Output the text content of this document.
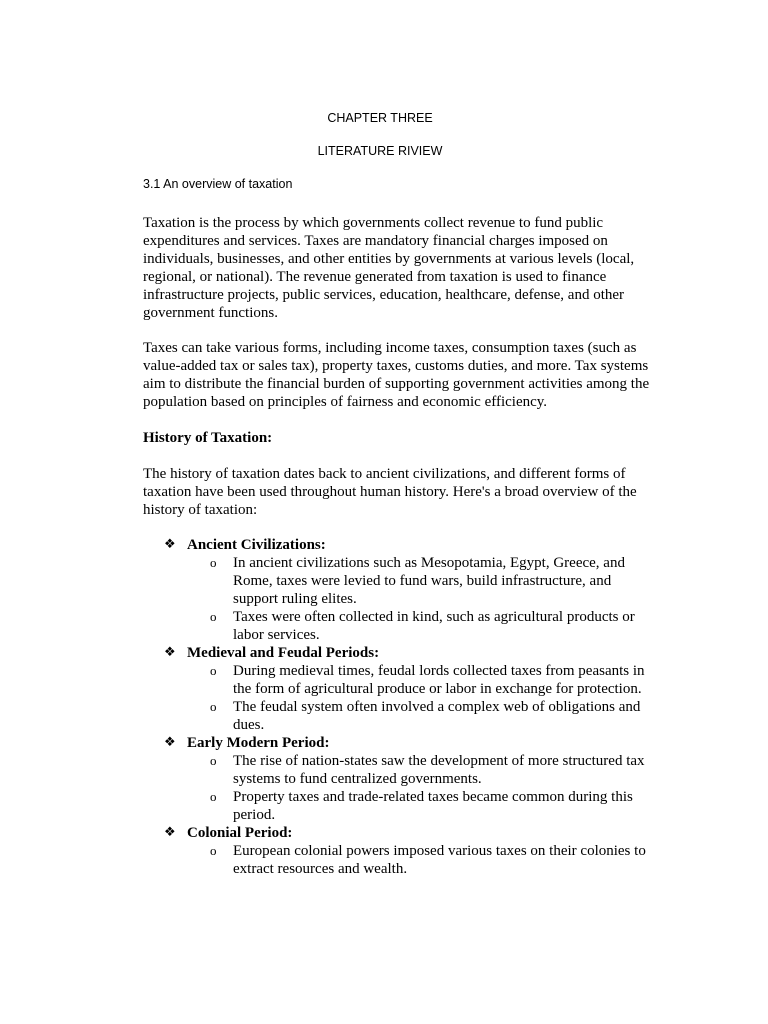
CHAPTER THREE
LITERATURE RIVIEW
3.1 An overview of taxation

Taxation is the process by which governments collect revenue to fund public expenditures and services. Taxes are mandatory financial charges imposed on individuals, businesses, and other entities by governments at various levels (local, regional, or national). The revenue generated from taxation is used to finance infrastructure projects, public services, education, healthcare, defense, and other government functions.

Taxes can take various forms, including income taxes, consumption taxes (such as value-added tax or sales tax), property taxes, customs duties, and more. Tax systems aim to distribute the financial burden of supporting government activities among the population based on principles of fairness and economic efficiency.

History of Taxation:

The history of taxation dates back to ancient civilizations, and different forms of taxation have been used throughout human history. Here's a broad overview of the history of taxation:

❖ Ancient Civilizations:
o In ancient civilizations such as Mesopotamia, Egypt, Greece, and Rome, taxes were levied to fund wars, build infrastructure, and support ruling elites.
o Taxes were often collected in kind, such as agricultural products or labor services.
❖ Medieval and Feudal Periods:
o During medieval times, feudal lords collected taxes from peasants in the form of agricultural produce or labor in exchange for protection.
o The feudal system often involved a complex web of obligations and dues.
❖ Early Modern Period:
o The rise of nation-states saw the development of more structured tax systems to fund centralized governments.
o Property taxes and trade-related taxes became common during this period.
❖ Colonial Period:
o European colonial powers imposed various taxes on their colonies to extract resources and wealth.
